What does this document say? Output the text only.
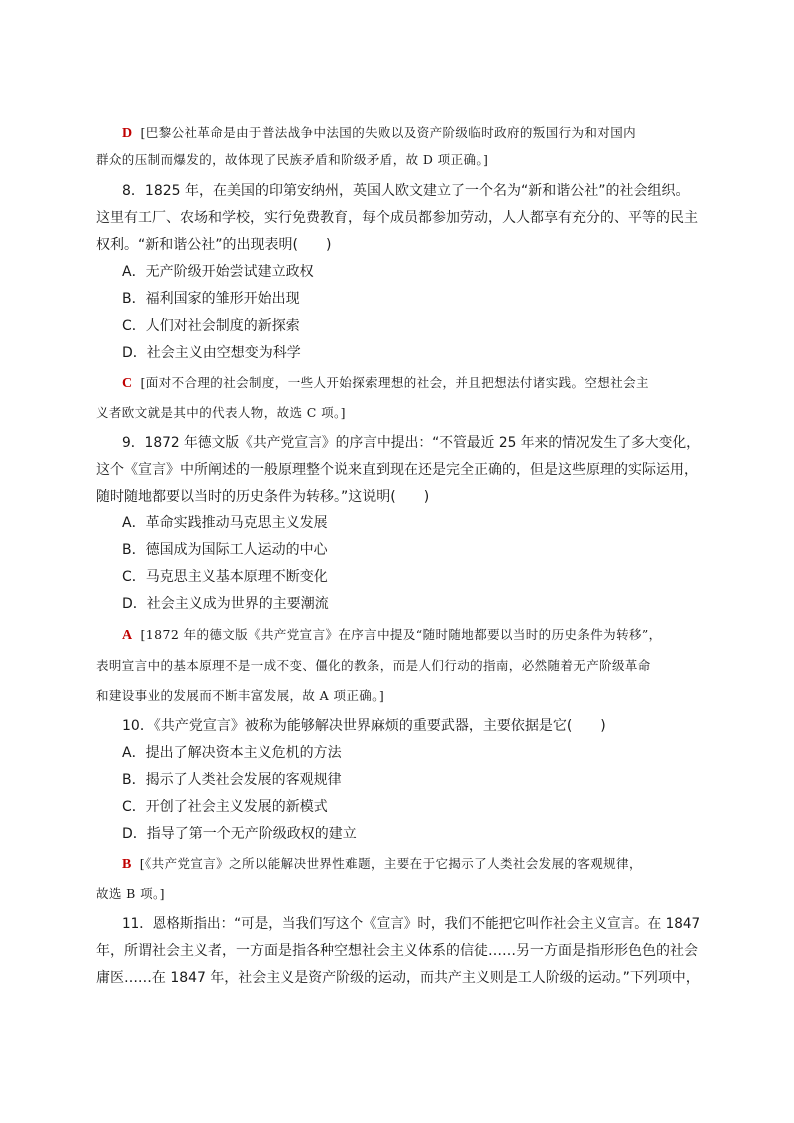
D [巴黎公社革命是由于普法战争中法国的失败以及资产阶级临时政府的叛国行为和对国内
群众的压制而爆发的，故体现了民族矛盾和阶级矛盾，故 D 项正确。]
8．1825 年，在美国的印第安纳州，英国人欧文建立了一个名为“新和谐公社”的社会组织。
这里有工厂、农场和学校，实行免费教育，每个成员都参加劳动，人人都享有充分的、平等的民主
权利。“新和谐公社”的出现表明(　　)
A．无产阶级开始尝试建立政权
B．福利国家的雏形开始出现
C．人们对社会制度的新探索
D．社会主义由空想变为科学
C [面对不合理的社会制度，一些人开始探索理想的社会，并且把想法付诸实践。空想社会主
义者欧文就是其中的代表人物，故选 C 项。]
9．1872 年德文版《共产党宣言》的序言中提出：“不管最近 25 年来的情况发生了多大变化，
这个《宣言》中所阐述的一般原理整个说来直到现在还是完全正确的，但是这些原理的实际运用，
随时随地都要以当时的历史条件为转移。”这说明(　　)
A．革命实践推动马克思主义发展
B．德国成为国际工人运动的中心
C．马克思主义基本原理不断变化
D．社会主义成为世界的主要潮流
A [1872 年的德文版《共产党宣言》在序言中提及“随时随地都要以当时的历史条件为转移”，
表明宣言中的基本原理不是一成不变、僵化的教条，而是人们行动的指南，必然随着无产阶级革命
和建设事业的发展而不断丰富发展，故 A 项正确。]
10．《共产党宣言》被称为能够解决世界麻烦的重要武器，主要依据是它(　　)
A．提出了解决资本主义危机的方法
B．揭示了人类社会发展的客观规律
C．开创了社会主义发展的新模式
D．指导了第一个无产阶级政权的建立
B [《共产党宣言》之所以能解决世界性难题，主要在于它揭示了人类社会发展的客观规律，
故选 B 项。]
11．恩格斯指出：“可是，当我们写这个《宣言》时，我们不能把它叫作社会主义宣言。在 1847
年，所谓社会主义者，一方面是指各种空想社会主义体系的信徒……另一方面是指形形色色的社会
庸医……在 1847 年，社会主义是资产阶级的运动，而共产主义则是工人阶级的运动。”下列项中，
